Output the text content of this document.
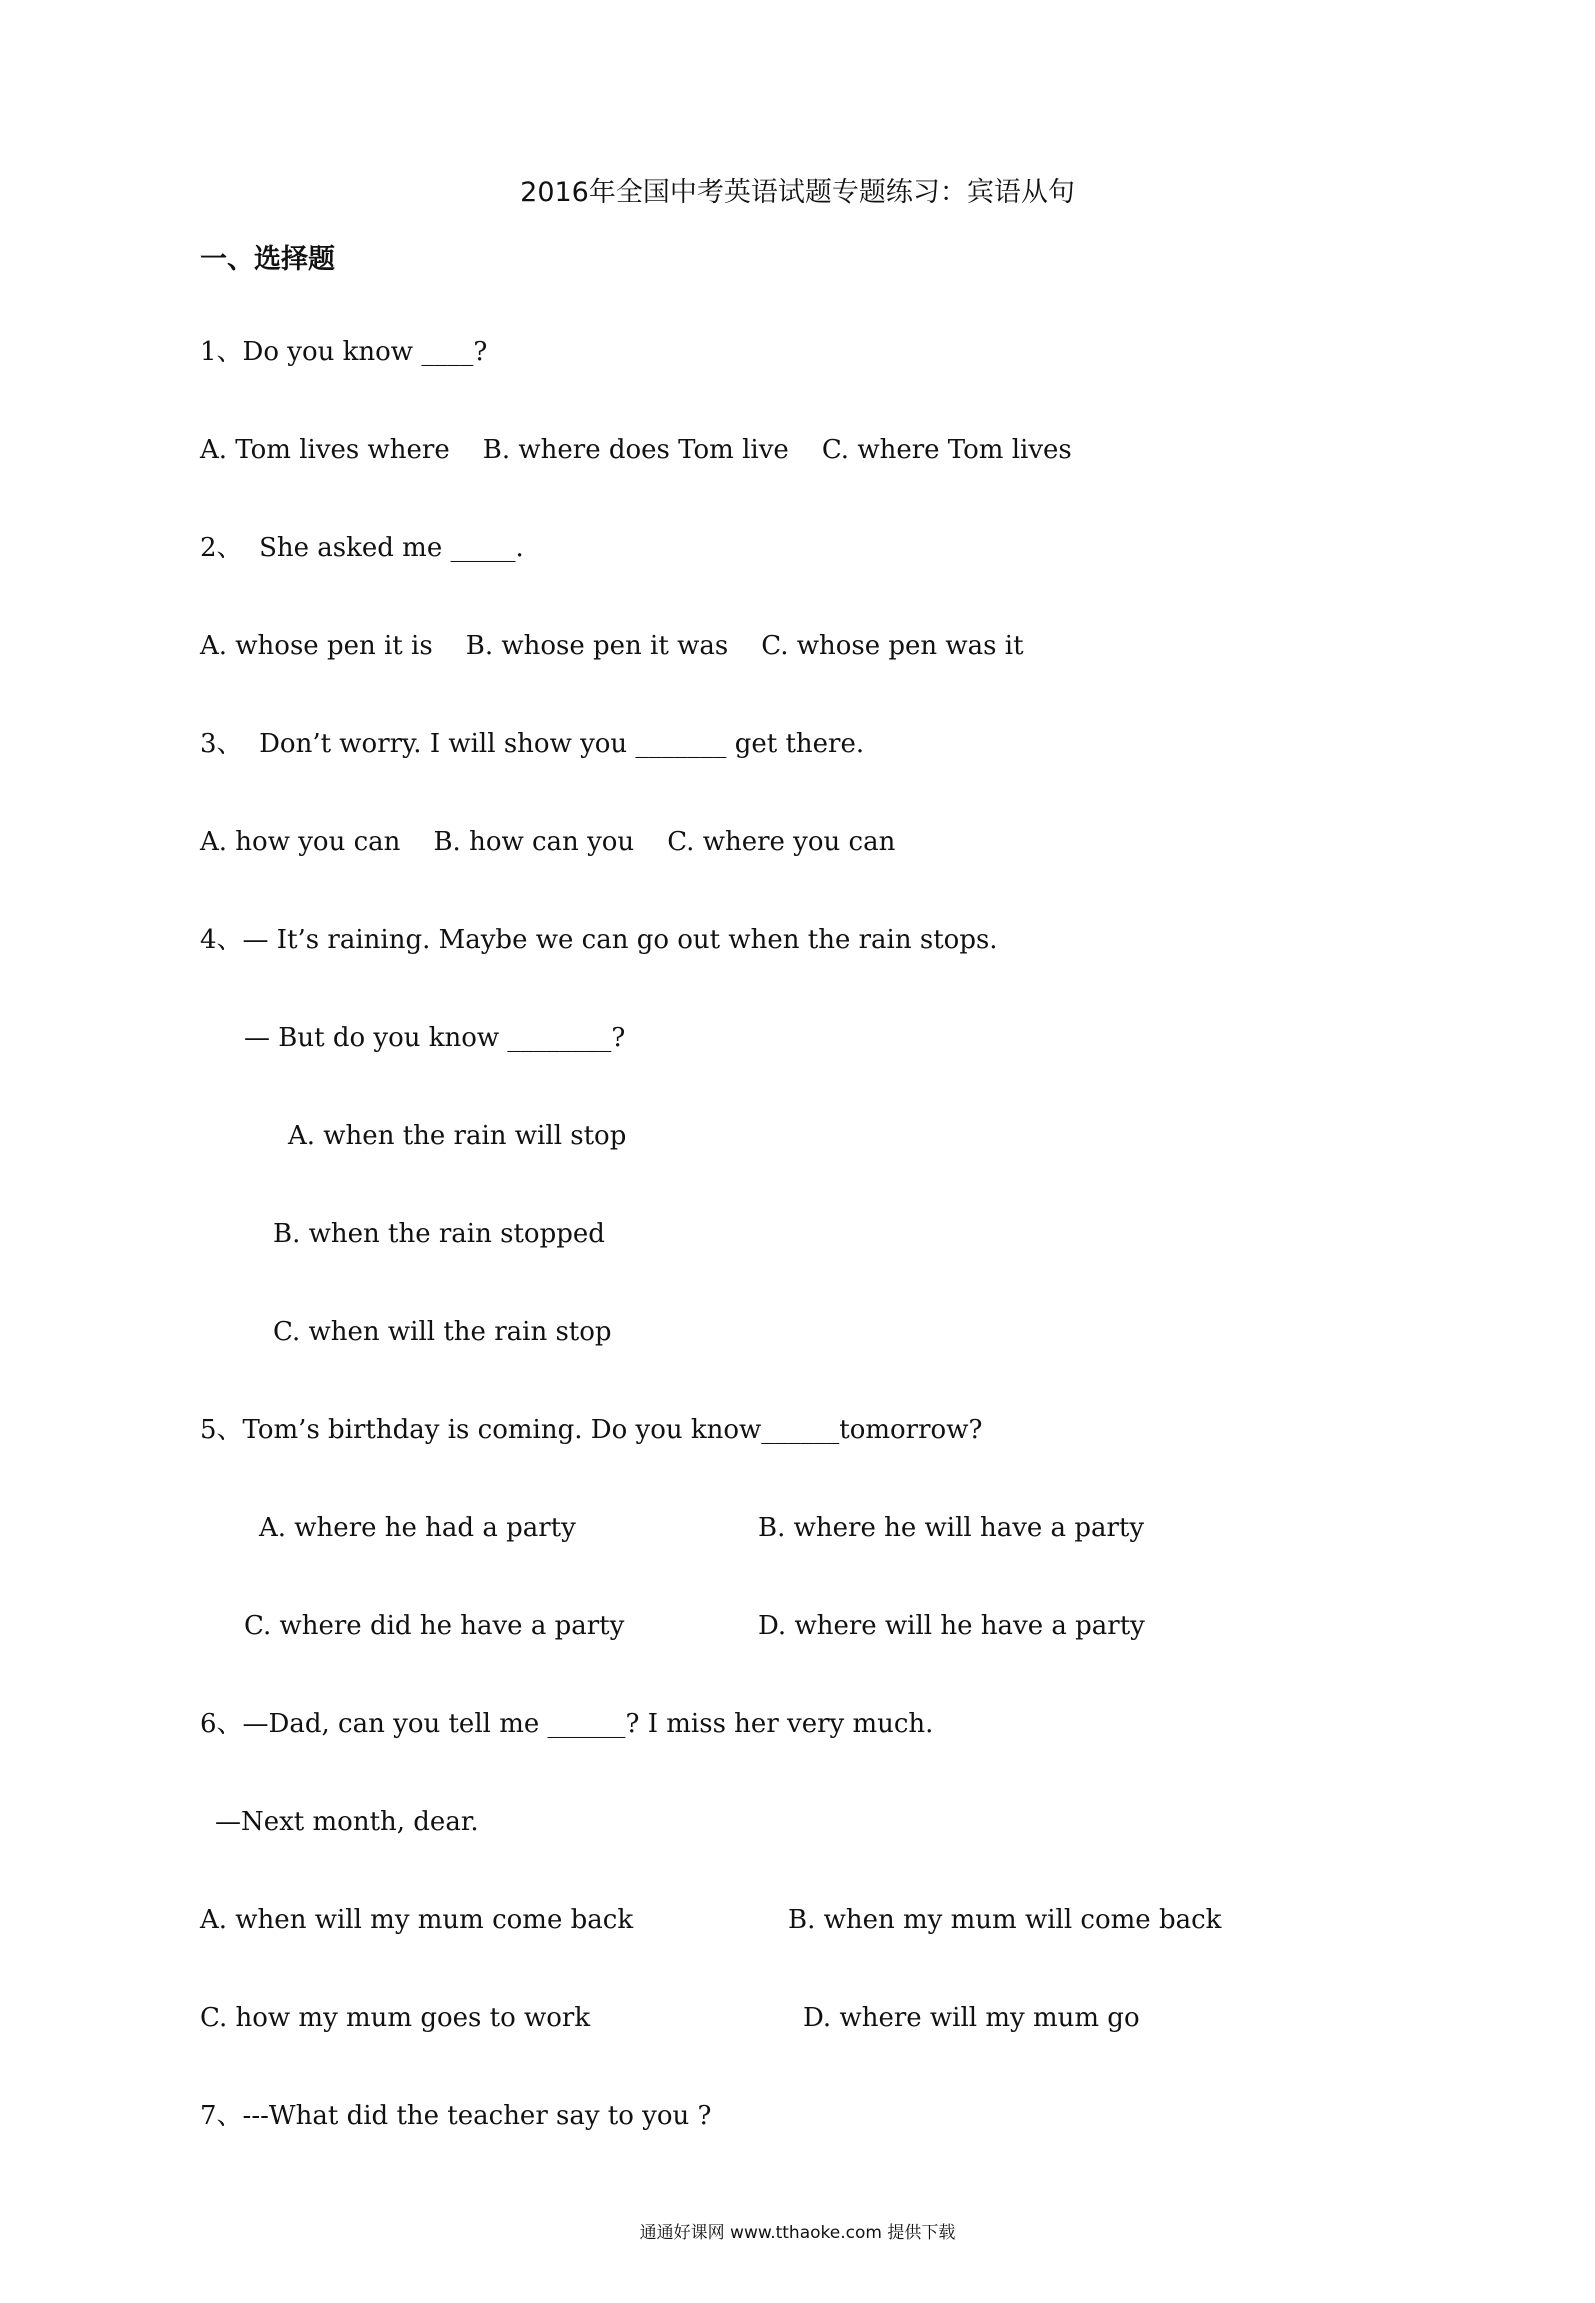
2016年全国中考英语试题专题练习：宾语从句
一、选择题
1、Do you know ____?
A. Tom lives where    B. where does Tom live    C. where Tom lives
2、  She asked me _____.
A. whose pen it is    B. whose pen it was    C. whose pen was it
3、  Don’t worry. I will show you _______ get there.
A. how you can    B. how can you    C. where you can
4、— It’s raining. Maybe we can go out when the rain stops.
— But do you know ________?
A. when the rain will stop
B. when the rain stopped
C. when will the rain stop
5、Tom’s birthday is coming. Do you know______tomorrow?
A. where he had a party	B. where he will have a party
C. where did he have a party	D. where will he have a party
6、—Dad, can you tell me ______? I miss her very much.
—Next month, dear.
A. when will my mum come back	B. when my mum will come back
C. how my mum goes to work	D. where will my mum go
7、---What did the teacher say to you ?
通通好课网 www.tthaoke.com 提供下载
